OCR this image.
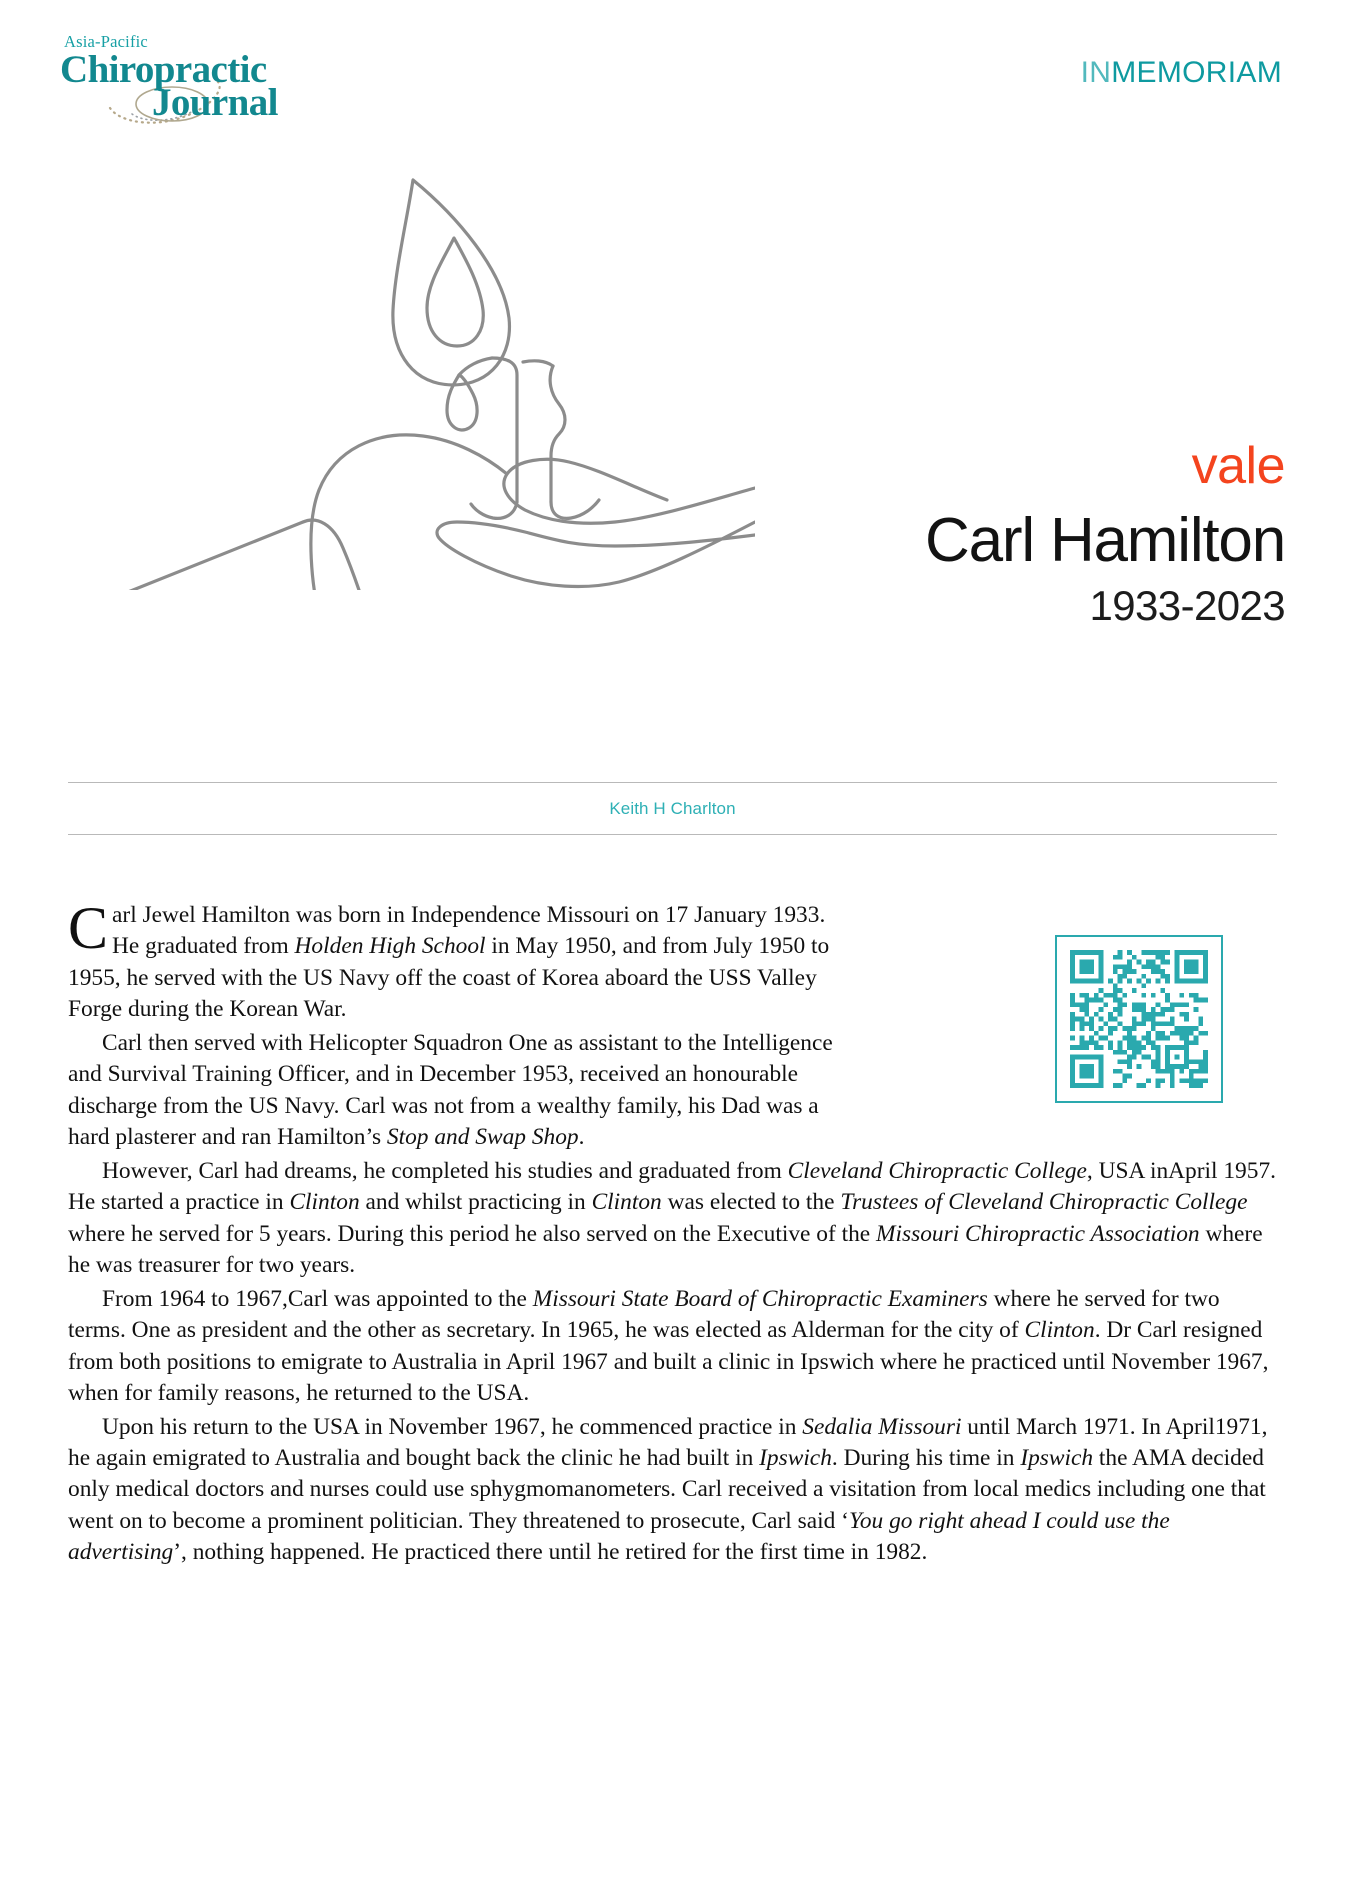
Asia-Pacific
Chiropractic
Journal
INMEMORIAM
vale
Carl Hamilton
1933-2023
Keith H Charlton
Carl Jewel Hamilton was born in Independence Missouri on 17 January 1933. He graduated from Holden High School in May 1950, and from July 1950 to 1955, he served with the US Navy off the coast of Korea aboard the USS Valley Forge during the Korean War.
Carl then served with Helicopter Squadron One as assistant to the Intelligence and Survival Training Officer, and in December 1953, received an honourable discharge from the US Navy. Carl was not from a wealthy family, his Dad was a hard plasterer and ran Hamilton’s Stop and Swap Shop.
However, Carl had dreams, he completed his studies and graduated from Cleveland Chiropractic College, USA inApril 1957. He started a practice in Clinton and whilst practicing in Clinton was elected to the Trustees of Cleveland Chiropractic College where he served for 5 years. During this period he also served on the Executive of the Missouri Chiropractic Association where he was treasurer for two years.
From 1964 to 1967,Carl was appointed to the Missouri State Board of Chiropractic Examiners where he served for two terms. One as president and the other as secretary. In 1965, he was elected as Alderman for the city of Clinton. Dr Carl resigned from both positions to emigrate to Australia in April 1967 and built a clinic in Ipswich where he practiced until November 1967, when for family reasons, he returned to the USA.
Upon his return to the USA in November 1967, he commenced practice in Sedalia Missouri until March 1971. In April1971, he again emigrated to Australia and bought back the clinic he had built in Ipswich. During his time in Ipswich the AMA decided only medical doctors and nurses could use sphygmomanometers. Carl received a visitation from local medics including one that went on to become a prominent politician. They threatened to prosecute, Carl said ‘You go right ahead I could use the advertising’, nothing happened. He practiced there until he retired for the first time in 1982.
